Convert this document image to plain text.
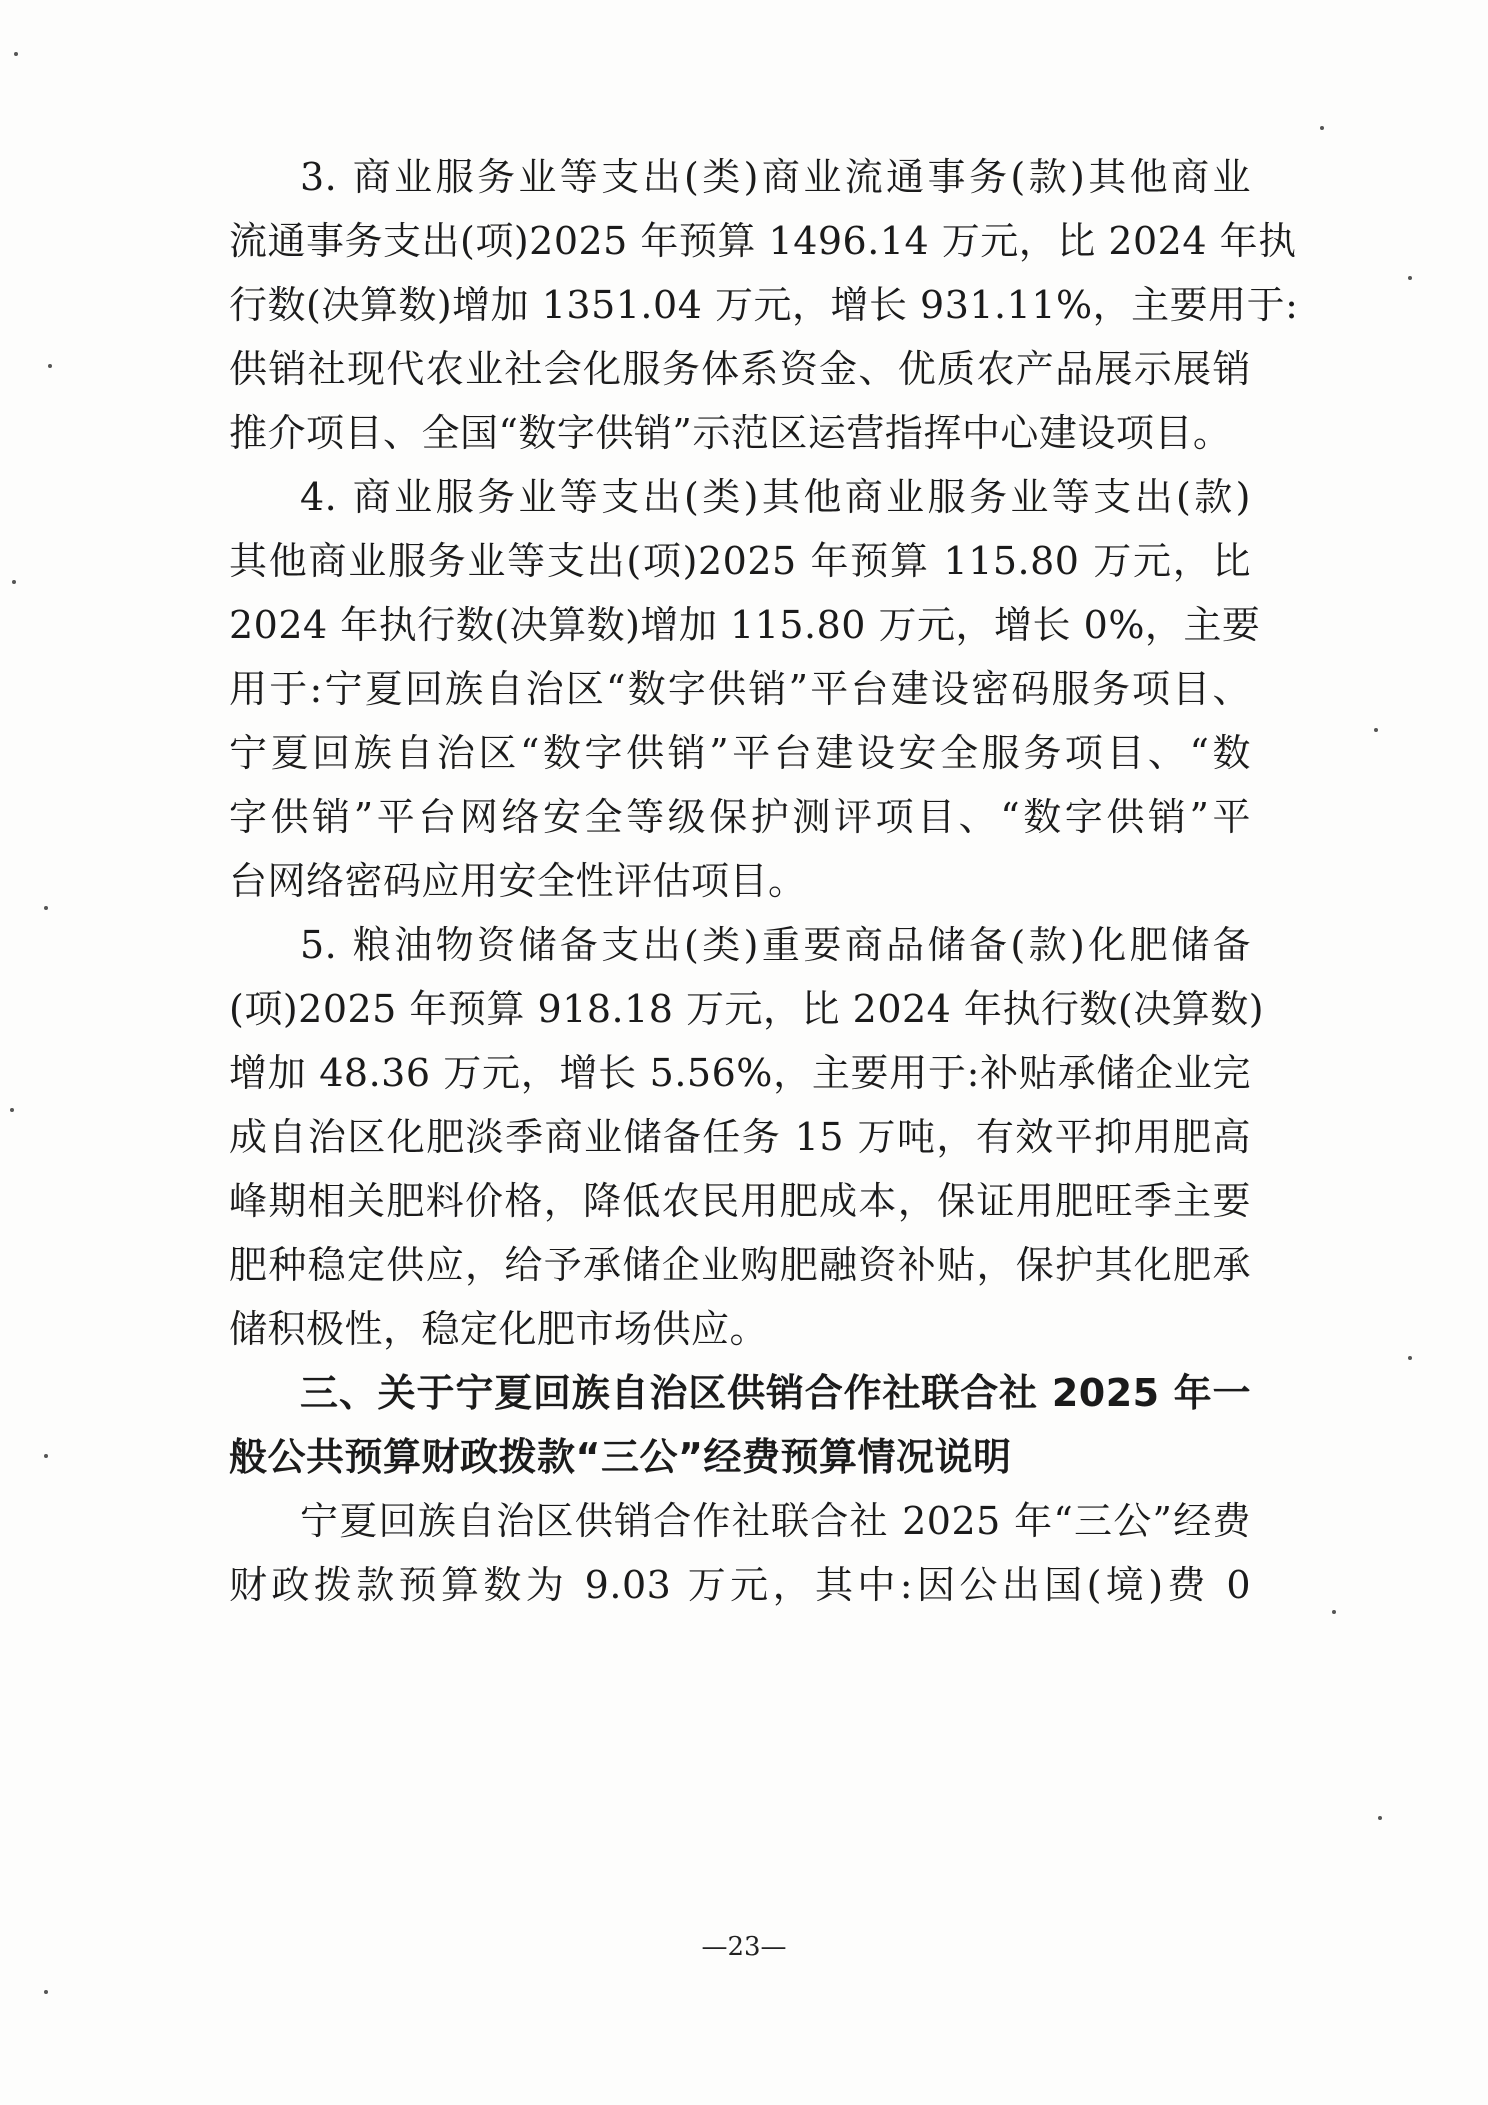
3. 商业服务业等支出(类)商业流通事务(款)其他商业
流通事务支出(项)2025 年预算 1496.14 万元，比 2024 年执
行数(决算数)增加 1351.04 万元，增长 931.11%，主要用于:
供销社现代农业社会化服务体系资金、优质农产品展示展销
推介项目、全国“数字供销”示范区运营指挥中心建设项目。
4. 商业服务业等支出(类)其他商业服务业等支出(款)
其他商业服务业等支出(项)2025 年预算 115.80 万元，比
2024 年执行数(决算数)增加 115.80 万元，增长 0%，主要
用于:宁夏回族自治区“数字供销”平台建设密码服务项目、
宁夏回族自治区“数字供销”平台建设安全服务项目、“数
字供销”平台网络安全等级保护测评项目、“数字供销”平
台网络密码应用安全性评估项目。
5. 粮油物资储备支出(类)重要商品储备(款)化肥储备
(项)2025 年预算 918.18 万元，比 2024 年执行数(决算数)
增加 48.36 万元，增长 5.56%，主要用于:补贴承储企业完
成自治区化肥淡季商业储备任务 15 万吨，有效平抑用肥高
峰期相关肥料价格，降低农民用肥成本，保证用肥旺季主要
肥种稳定供应，给予承储企业购肥融资补贴，保护其化肥承
储积极性，稳定化肥市场供应。
三、关于宁夏回族自治区供销合作社联合社 2025 年一
般公共预算财政拨款“三公”经费预算情况说明
宁夏回族自治区供销合作社联合社 2025 年“三公”经费
财政拨款预算数为 9.03 万元，其中:因公出国(境)费 0
—23—
